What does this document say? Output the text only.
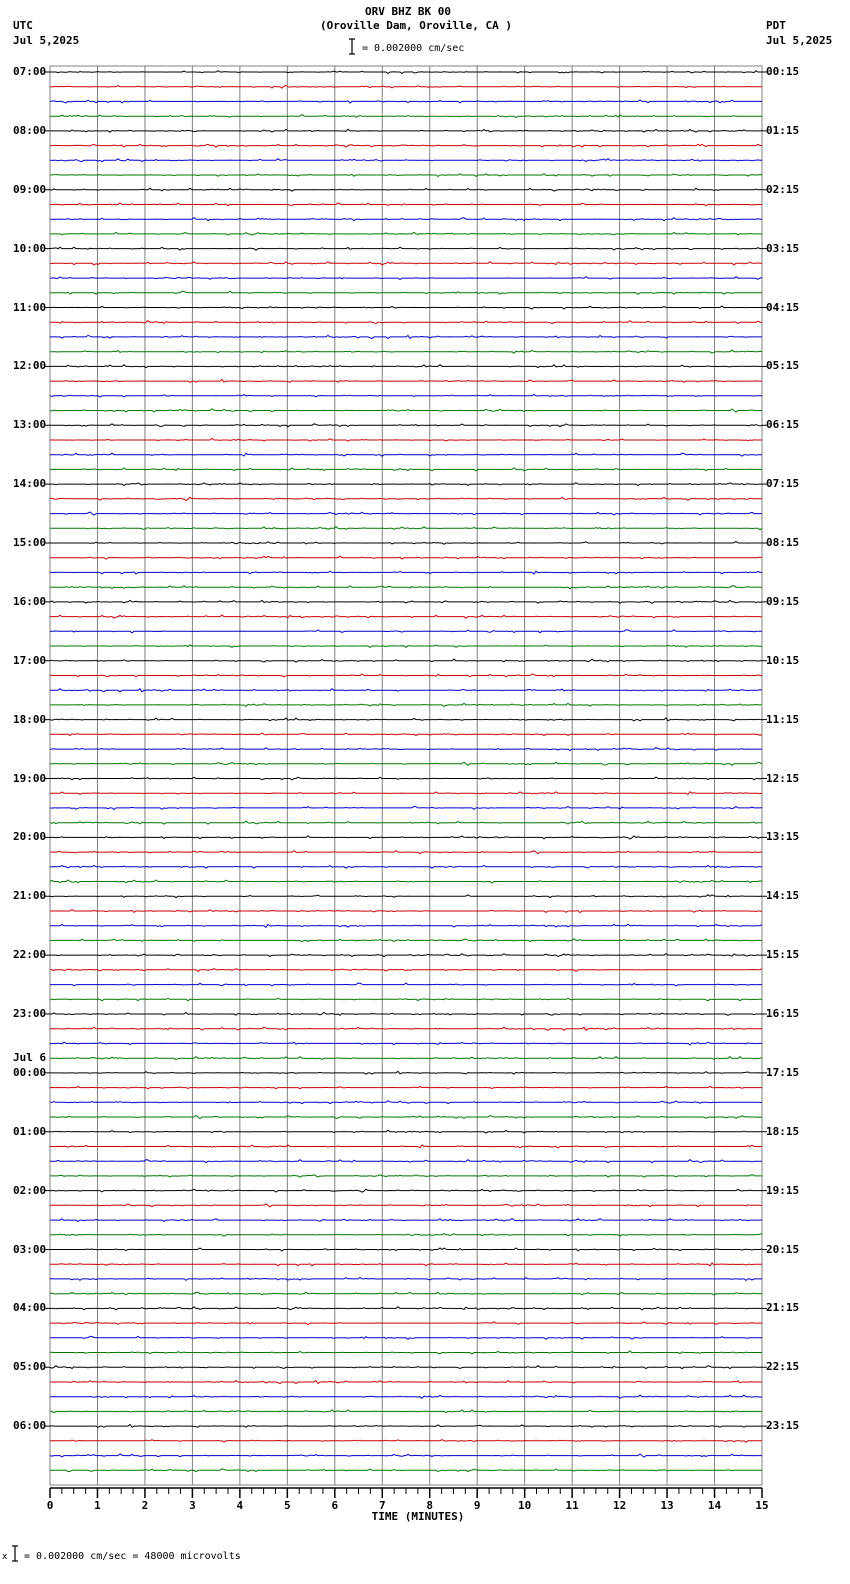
ORV BHZ BK 00
(Oroville Dam, Oroville, CA )
UTC
Jul 5,2025
PDT
Jul 5,2025
= 0.002000 cm/sec
07:00
08:00
09:00
10:00
11:00
12:00
13:00
14:00
15:00
16:00
17:00
18:00
19:00
20:00
21:00
22:00
23:00
00:00
01:00
02:00
03:00
04:00
05:00
06:00
00:15
01:15
02:15
03:15
04:15
05:15
06:15
07:15
08:15
09:15
10:15
11:15
12:15
13:15
14:15
15:15
16:15
17:15
18:15
19:15
20:15
21:15
22:15
23:15
Jul 6
0	1	2	3	4	5	6	7	8	9	10	11	12	13	14	15
TIME (MINUTES)
x = 0.002000 cm/sec = 48000 microvolts
